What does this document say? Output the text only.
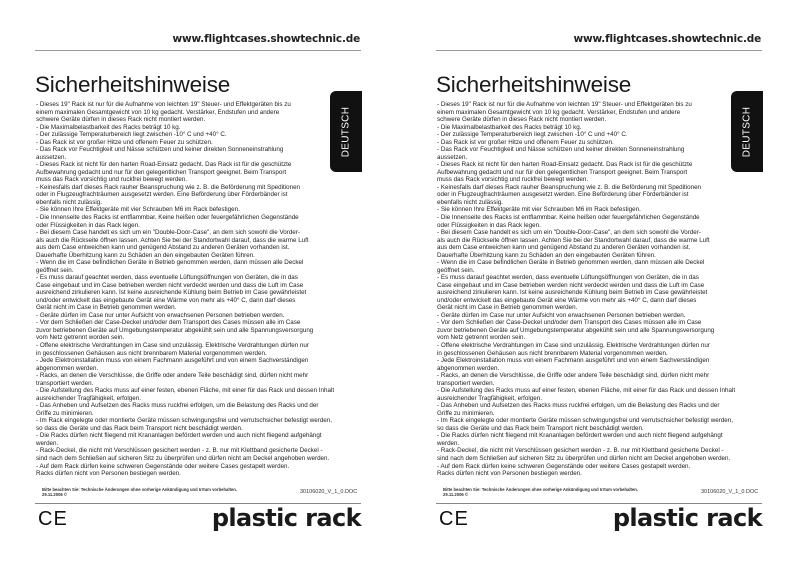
www.flightcases.showtechnic.de
Sicherheitshinweise
DEUTSCH
- Dieses 19" Rack ist nur für die Aufnahme von leichten 19" Steuer- und Effektgeräten bis zu
einem maximalen Gesamtgewicht von 10 kg gedacht. Verstärker, Endstufen und andere
schwere Geräte dürfen in dieses Rack nicht montiert werden.
- Die Maximalbelastbarkeit des Racks beträgt 10 kg.
- Der zulässige Temperaturbereich liegt zwischen -10° C und +40° C.
- Das Rack ist vor großer Hitze und offenem Feuer zu schützen.
- Das Rack vor Feuchtigkeit und Nässe schützen und keiner direkten Sonneneinstrahlung
aussetzen.
- Dieses Rack ist nicht für den harten Road-Einsatz gedacht. Das Rack ist für die geschützte
Aufbewahrung gedacht und nur für den gelegentlichen Transport geeignet. Beim Transport
muss das Rack vorsichtig und ruckfrei bewegt werden.
- Keinesfalls darf dieses Rack rauher Beanspruchung wie z. B. die Beförderung mit Speditionen
oder in Flugzeugfrachträumen ausgesetzt werden. Eine Beförderung über Förderbänder ist
ebenfalls nicht zulässig.
- Sie können Ihre Effektgeräte mit vier Schrauben M6 im Rack befestigen.
- Die Innenseite des Racks ist entflammbar. Keine heißen oder feuergefährlichen Gegenstände
oder Flüssigkeiten in das Rack legen.
- Bei diesem Case handelt es sich um ein "Double-Door-Case", an dem sich sowohl die Vorder-
als auch die Rückseite öffnen lassen. Achten Sie bei der Standortwahl darauf, dass die warme Luft
aus dem Case entweichen kann und genügend Abstand zu anderen Geräten vorhanden ist.
Dauerhafte Überhitzung kann zu Schäden an den eingebauten Geräten führen.
- Wenn die im Case befindlichen Geräte in Betrieb genommen werden, dann müssen alle Deckel
geöffnet sein.
- Es muss darauf geachtet werden, dass eventuelle Lüftungsöffnungen von Geräten, die in das
Case eingebaut und im Case betrieben werden nicht verdeckt werden und dass die Luft im Case
ausreichend zirkulieren kann. Ist keine ausreichende Kühlung beim Betrieb im Case gewährleistet
und/oder entwickelt das eingebaute Gerät eine Wärme von mehr als +40° C, dann darf dieses
Gerät nicht im Case in Betrieb genommen werden.
- Geräte dürfen im Case nur unter Aufsicht von erwachsenen Personen betrieben werden.
- Vor dem Schließen der Case-Deckel und/oder dem Transport des Cases müssen alle im Case
zuvor betriebenen Geräte auf Umgebungstemperatur abgekühlt sein und alle Spannungsversorgung
vom Netz getrennt worden sein.
- Offene elektrische Verdrahtungen im Case sind unzulässig. Elektrische Verdrahtungen dürfen nur
in geschlossenen Gehäusen aus nicht brennbarem Material vorgenommen werden.
- Jede Elektroinstallation muss von einem Fachmann ausgeführt und von einem Sachverständigen
abgenommen werden.
- Racks, an denen die Verschlüsse, die Griffe oder andere Teile beschädigt sind, dürfen nicht mehr
transportiert werden.
- Die Aufstellung des Racks muss auf einer festen, ebenen Fläche, mit einer für das Rack und dessen Inhalt
ausreichender Tragfähigkeit, erfolgen.
- Das Anheben und Aufsetzen des Racks muss ruckfrei erfolgen, um die Belastung des Racks und der
Griffe zu minimieren.
- Im Rack eingelegte oder montierte Geräte müssen schwingungsfrei und verrutschsicher befestigt werden,
so dass die Geräte und das Rack beim Transport nicht beschädigt werden.
- Die Racks dürfen nicht fliegend mit Krananlagen befördert werden und auch nicht fliegend aufgehängt
werden.
- Rack-Deckel, die nicht mit Verschlüssen gesichert werden - z. B. nur mit Klettband gesicherte Deckel -
sind nach dem Schließen auf sicheren Sitz zu überprüfen und dürfen nicht am Deckel angehoben werden.
- Auf dem Rack dürfen keine schweren Gegenstände oder weitere Cases gestapelt werden.
Racks dürfen nicht von Personen bestiegen werden.
Bitte beachten Sie: Technische Änderungen ohne vorherige Ankündigung und Irrtum vorbehalten.
29.11.2006 ©	30106020_V_1_0.DOC
CE	plastic rack
www.flightcases.showtechnic.de
Sicherheitshinweise
DEUTSCH
- Dieses 19" Rack ist nur für die Aufnahme von leichten 19" Steuer- und Effektgeräten bis zu
einem maximalen Gesamtgewicht von 10 kg gedacht. Verstärker, Endstufen und andere
schwere Geräte dürfen in dieses Rack nicht montiert werden.
- Die Maximalbelastbarkeit des Racks beträgt 10 kg.
- Der zulässige Temperaturbereich liegt zwischen -10° C und +40° C.
- Das Rack ist vor großer Hitze und offenem Feuer zu schützen.
- Das Rack vor Feuchtigkeit und Nässe schützen und keiner direkten Sonneneinstrahlung
aussetzen.
- Dieses Rack ist nicht für den harten Road-Einsatz gedacht. Das Rack ist für die geschützte
Aufbewahrung gedacht und nur für den gelegentlichen Transport geeignet. Beim Transport
muss das Rack vorsichtig und ruckfrei bewegt werden.
- Keinesfalls darf dieses Rack rauher Beanspruchung wie z. B. die Beförderung mit Speditionen
oder in Flugzeugfrachträumen ausgesetzt werden. Eine Beförderung über Förderbänder ist
ebenfalls nicht zulässig.
- Sie können Ihre Effektgeräte mit vier Schrauben M6 im Rack befestigen.
- Die Innenseite des Racks ist entflammbar. Keine heißen oder feuergefährlichen Gegenstände
oder Flüssigkeiten in das Rack legen.
- Bei diesem Case handelt es sich um ein "Double-Door-Case", an dem sich sowohl die Vorder-
als auch die Rückseite öffnen lassen. Achten Sie bei der Standortwahl darauf, dass die warme Luft
aus dem Case entweichen kann und genügend Abstand zu anderen Geräten vorhanden ist.
Dauerhafte Überhitzung kann zu Schäden an den eingebauten Geräten führen.
- Wenn die im Case befindlichen Geräte in Betrieb genommen werden, dann müssen alle Deckel
geöffnet sein.
- Es muss darauf geachtet werden, dass eventuelle Lüftungsöffnungen von Geräten, die in das
Case eingebaut und im Case betrieben werden nicht verdeckt werden und dass die Luft im Case
ausreichend zirkulieren kann. Ist keine ausreichende Kühlung beim Betrieb im Case gewährleistet
und/oder entwickelt das eingebaute Gerät eine Wärme von mehr als +40° C, dann darf dieses
Gerät nicht im Case in Betrieb genommen werden.
- Geräte dürfen im Case nur unter Aufsicht von erwachsenen Personen betrieben werden.
- Vor dem Schließen der Case-Deckel und/oder dem Transport des Cases müssen alle im Case
zuvor betriebenen Geräte auf Umgebungstemperatur abgekühlt sein und alle Spannungsversorgung
vom Netz getrennt worden sein.
- Offene elektrische Verdrahtungen im Case sind unzulässig. Elektrische Verdrahtungen dürfen nur
in geschlossenen Gehäusen aus nicht brennbarem Material vorgenommen werden.
- Jede Elektroinstallation muss von einem Fachmann ausgeführt und von einem Sachverständigen
abgenommen werden.
- Racks, an denen die Verschlüsse, die Griffe oder andere Teile beschädigt sind, dürfen nicht mehr
transportiert werden.
- Die Aufstellung des Racks muss auf einer festen, ebenen Fläche, mit einer für das Rack und dessen Inhalt
ausreichender Tragfähigkeit, erfolgen.
- Das Anheben und Aufsetzen des Racks muss ruckfrei erfolgen, um die Belastung des Racks und der
Griffe zu minimieren.
- Im Rack eingelegte oder montierte Geräte müssen schwingungsfrei und verrutschsicher befestigt werden,
so dass die Geräte und das Rack beim Transport nicht beschädigt werden.
- Die Racks dürfen nicht fliegend mit Krananlagen befördert werden und auch nicht fliegend aufgehängt
werden.
- Rack-Deckel, die nicht mit Verschlüssen gesichert werden - z. B. nur mit Klettband gesicherte Deckel -
sind nach dem Schließen auf sicheren Sitz zu überprüfen und dürfen nicht am Deckel angehoben werden.
- Auf dem Rack dürfen keine schweren Gegenstände oder weitere Cases gestapelt werden.
Racks dürfen nicht von Personen bestiegen werden.
Bitte beachten Sie: Technische Änderungen ohne vorherige Ankündigung und Irrtum vorbehalten.
29.11.2006 ©	30106020_V_1_0.DOC
CE	plastic rack
